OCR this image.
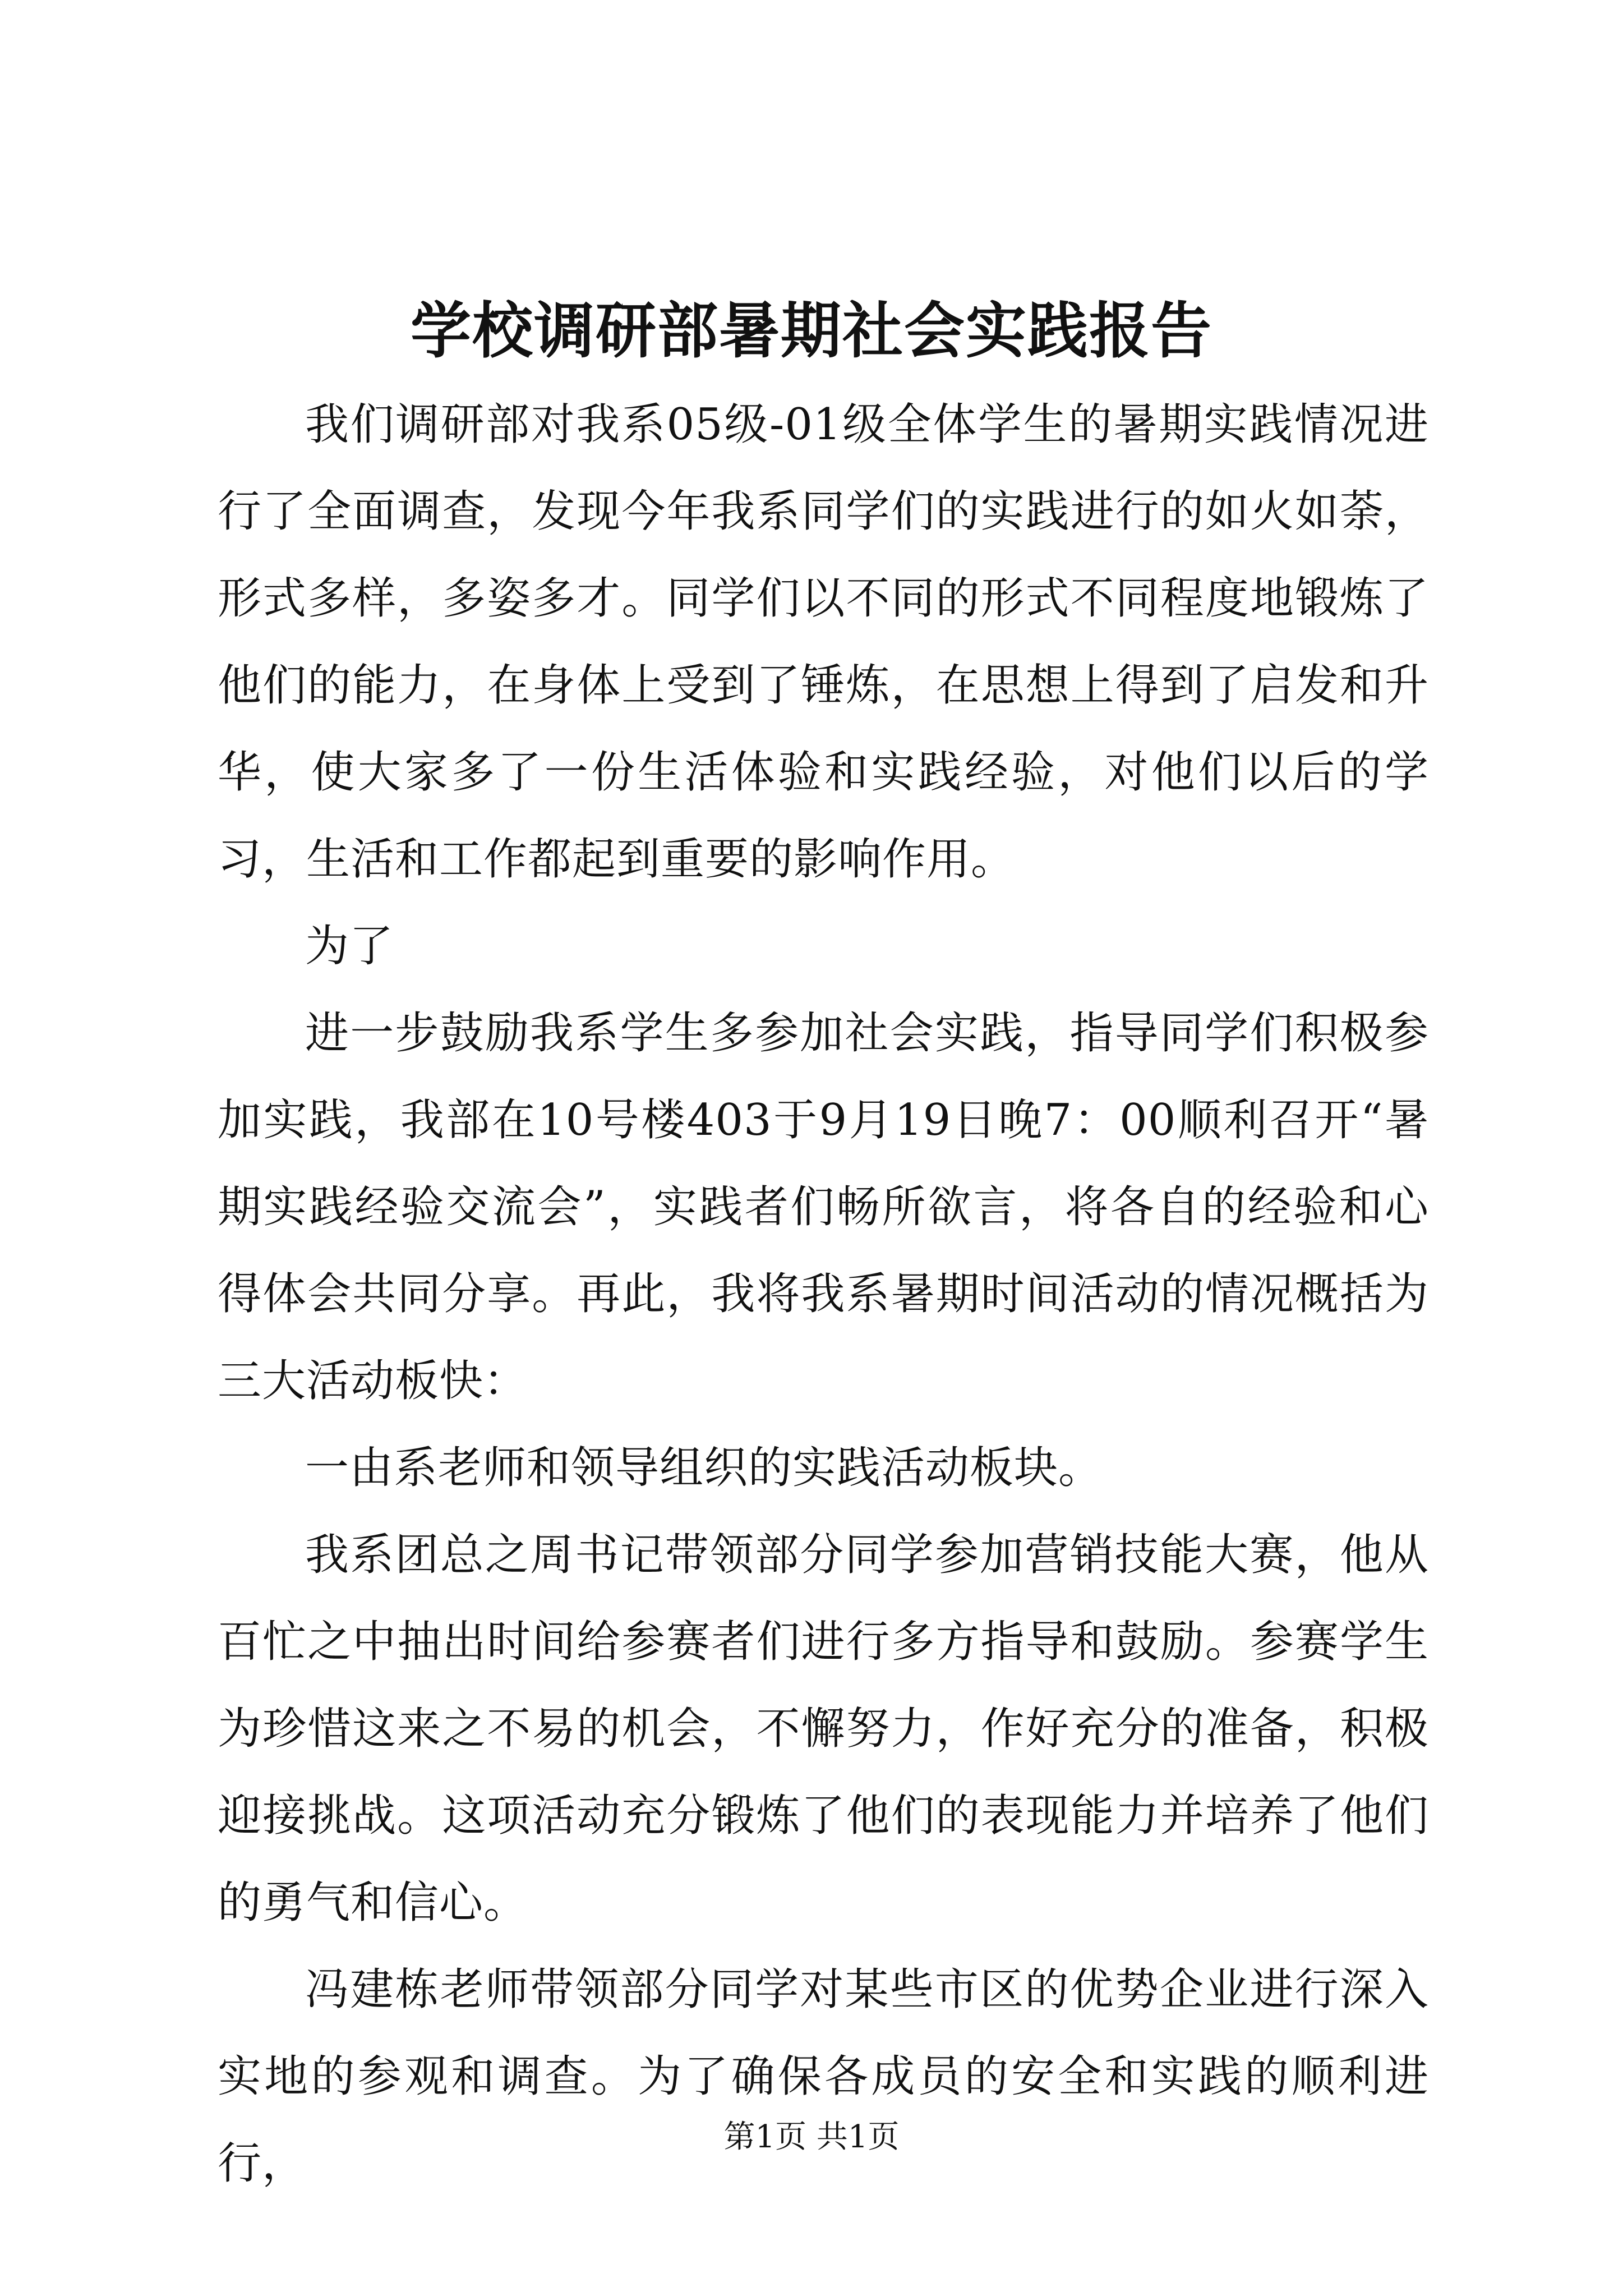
学校调研部暑期社会实践报告

我们调研部对我系05级-01级全体学生的暑期实践情况进行了全面调查，发现今年我系同学们的实践进行的如火如荼，形式多样，多姿多才。同学们以不同的形式不同程度地锻炼了他们的能力，在身体上受到了锤炼，在思想上得到了启发和升华，使大家多了一份生活体验和实践经验，对他们以后的学习，生活和工作都起到重要的影响作用。

为了

进一步鼓励我系学生多参加社会实践，指导同学们积极参加实践，我部在10号楼403于9月19日晚7：00顺利召开“暑期实践经验交流会”，实践者们畅所欲言，将各自的经验和心得体会共同分享。再此，我将我系暑期时间活动的情况概括为三大活动板快：

一由系老师和领导组织的实践活动板块。

我系团总之周书记带领部分同学参加营销技能大赛，他从百忙之中抽出时间给参赛者们进行多方指导和鼓励。参赛学生为珍惜这来之不易的机会，不懈努力，作好充分的准备，积极迎接挑战。这项活动充分锻炼了他们的表现能力并培养了他们的勇气和信心。

冯建栋老师带领部分同学对某些市区的优势企业进行深入实地的参观和调查。为了确保各成员的安全和实践的顺利进行，

第1页 共1页
